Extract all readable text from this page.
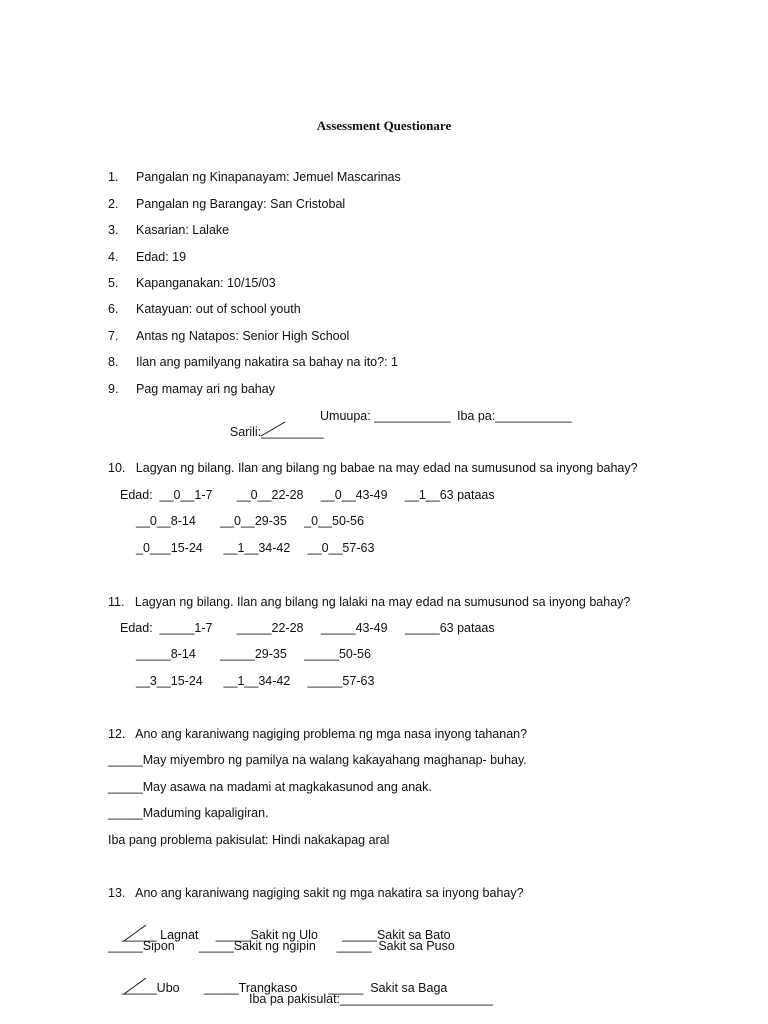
Assessment Questionare
1. Pangalan ng Kinapanayam: Jemuel Mascarinas
2. Pangalan ng Barangay: San Cristobal
3. Kasarian: Lalake
4. Edad: 19
5. Kapanganakan: 10/15/03
6. Katayuan: out of school youth
7. Antas ng Natapos: Senior High School
8. Ilan ang pamilyang nakatira sa bahay na ito?: 1
9. Pag mamay ari ng bahay

Sarili:_________

Umuupa: ___________ Iba pa:___________
10.   Lagyan ng bilang. Ilan ang bilang ng babae na may edad na sumusunod sa inyong bahay?
Edad:  __0__1-7       __0__22-28     __0__43-49     __1__63 pataas
__0__8-14       __0__29-35     _0__50-56
_0___15-24      __1__34-42     __0__57-63
11.   Lagyan ng bilang. Ilan ang bilang ng lalaki na may edad na sumusunod sa inyong bahay?
Edad:  _____1-7       _____22-28     _____43-49     _____63 pataas
_____8-14       _____29-35     _____50-56
__3__15-24      __1__34-42     _____57-63
12.   Ano ang karaniwang nagiging problema ng mga nasa inyong tahanan?
_____May miyembro ng pamilya na walang kakayahang maghanap- buhay.
_____May asawa na madami at magkakasunod ang anak.
_____Maduming kapaligiran.
Iba pang problema pakisulat: Hindi nakakapag aral
13.   Ano ang karaniwang nagiging sakit ng mga nakatira sa inyong bahay?

_____
Lagnat     _____Sakit ng Ulo       _____Sakit sa Bato

_____Sipon       _____Sakit ng ngipin      _____  Sakit sa Puso

_____
Ubo       _____Trangkaso         _____  Sakit sa Baga

Iba pa pakisulat:______________________
